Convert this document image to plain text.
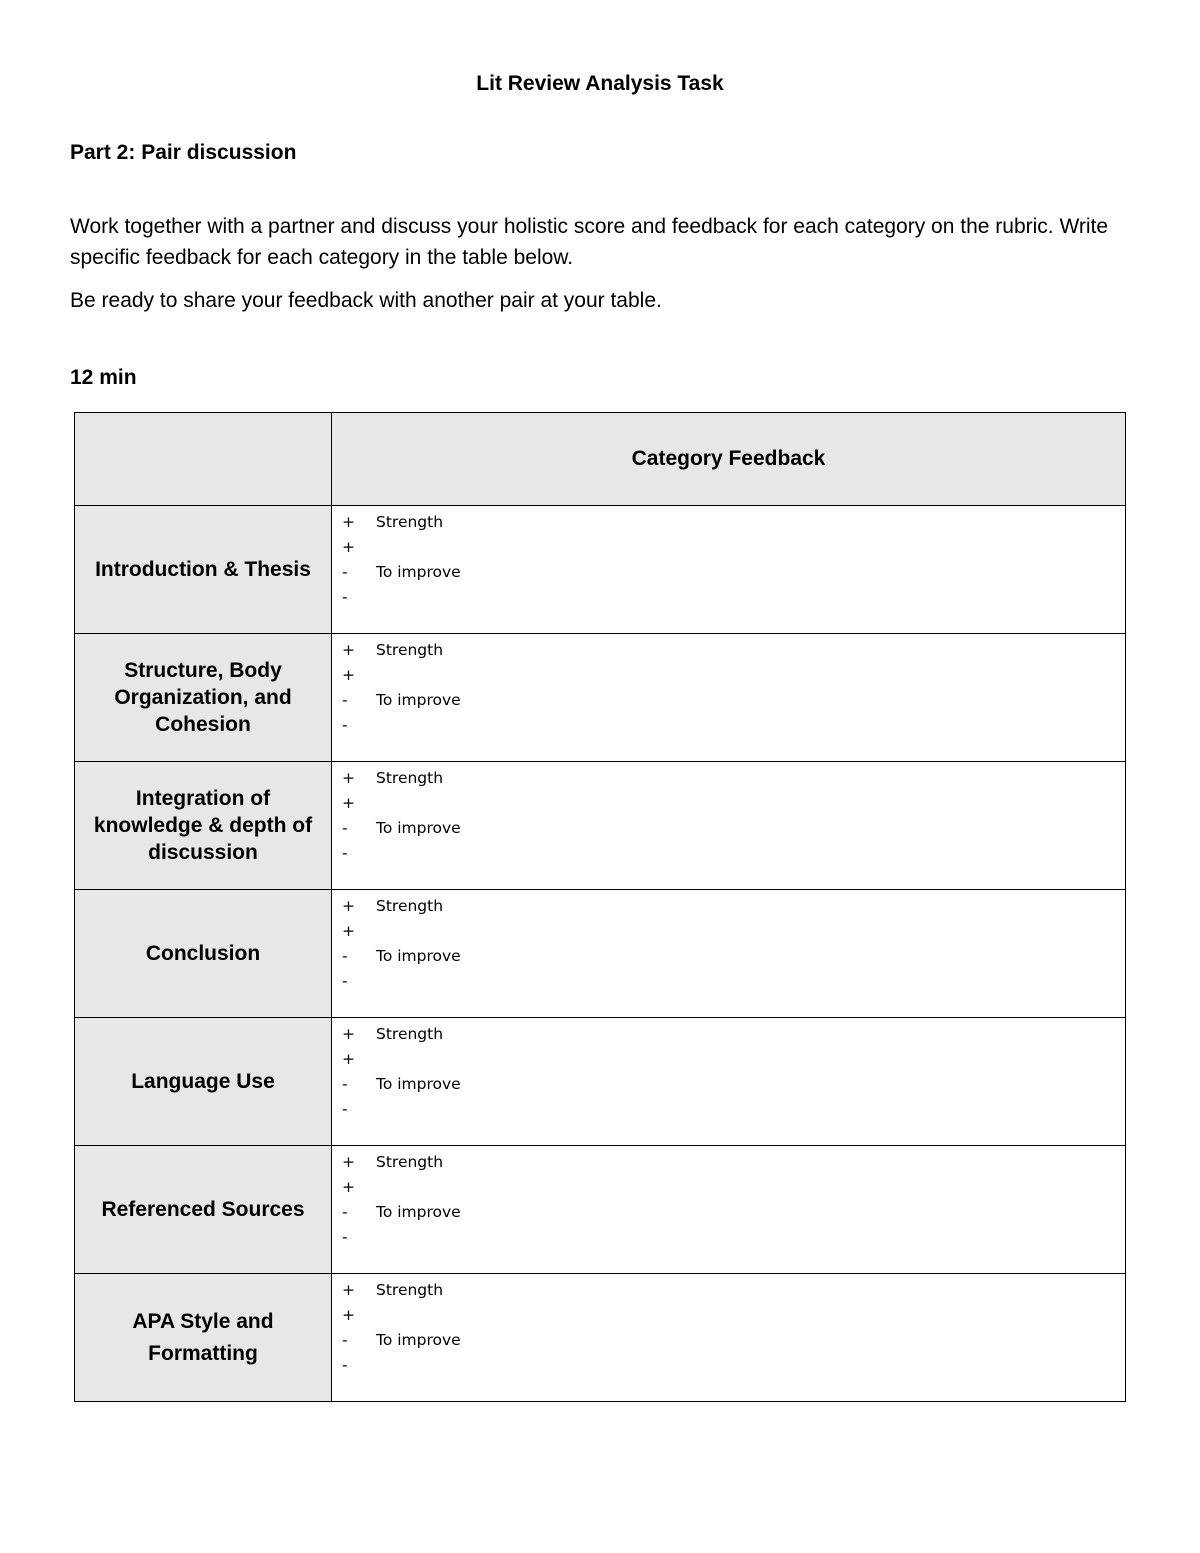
Lit Review Analysis Task
Part 2: Pair discussion

Work together with a partner and discuss your holistic score and feedback for each category on the rubric. Write specific feedback for each category in the table below.

Be ready to share your feedback with another pair at your table.

12 min
	Category Feedback
Introduction & Thesis	+ Strength
+
- To improve
-

Structure, Body Organization, and Cohesion	+ Strength
+
- To improve
-

Integration of knowledge & depth of discussion	+ Strength
+
- To improve
-

Conclusion	+ Strength
+
- To improve
-

Language Use	+ Strength
+
- To improve
-

Referenced Sources	+ Strength
+
- To improve
-

APA Style and Formatting	+ Strength
+
- To improve
-
